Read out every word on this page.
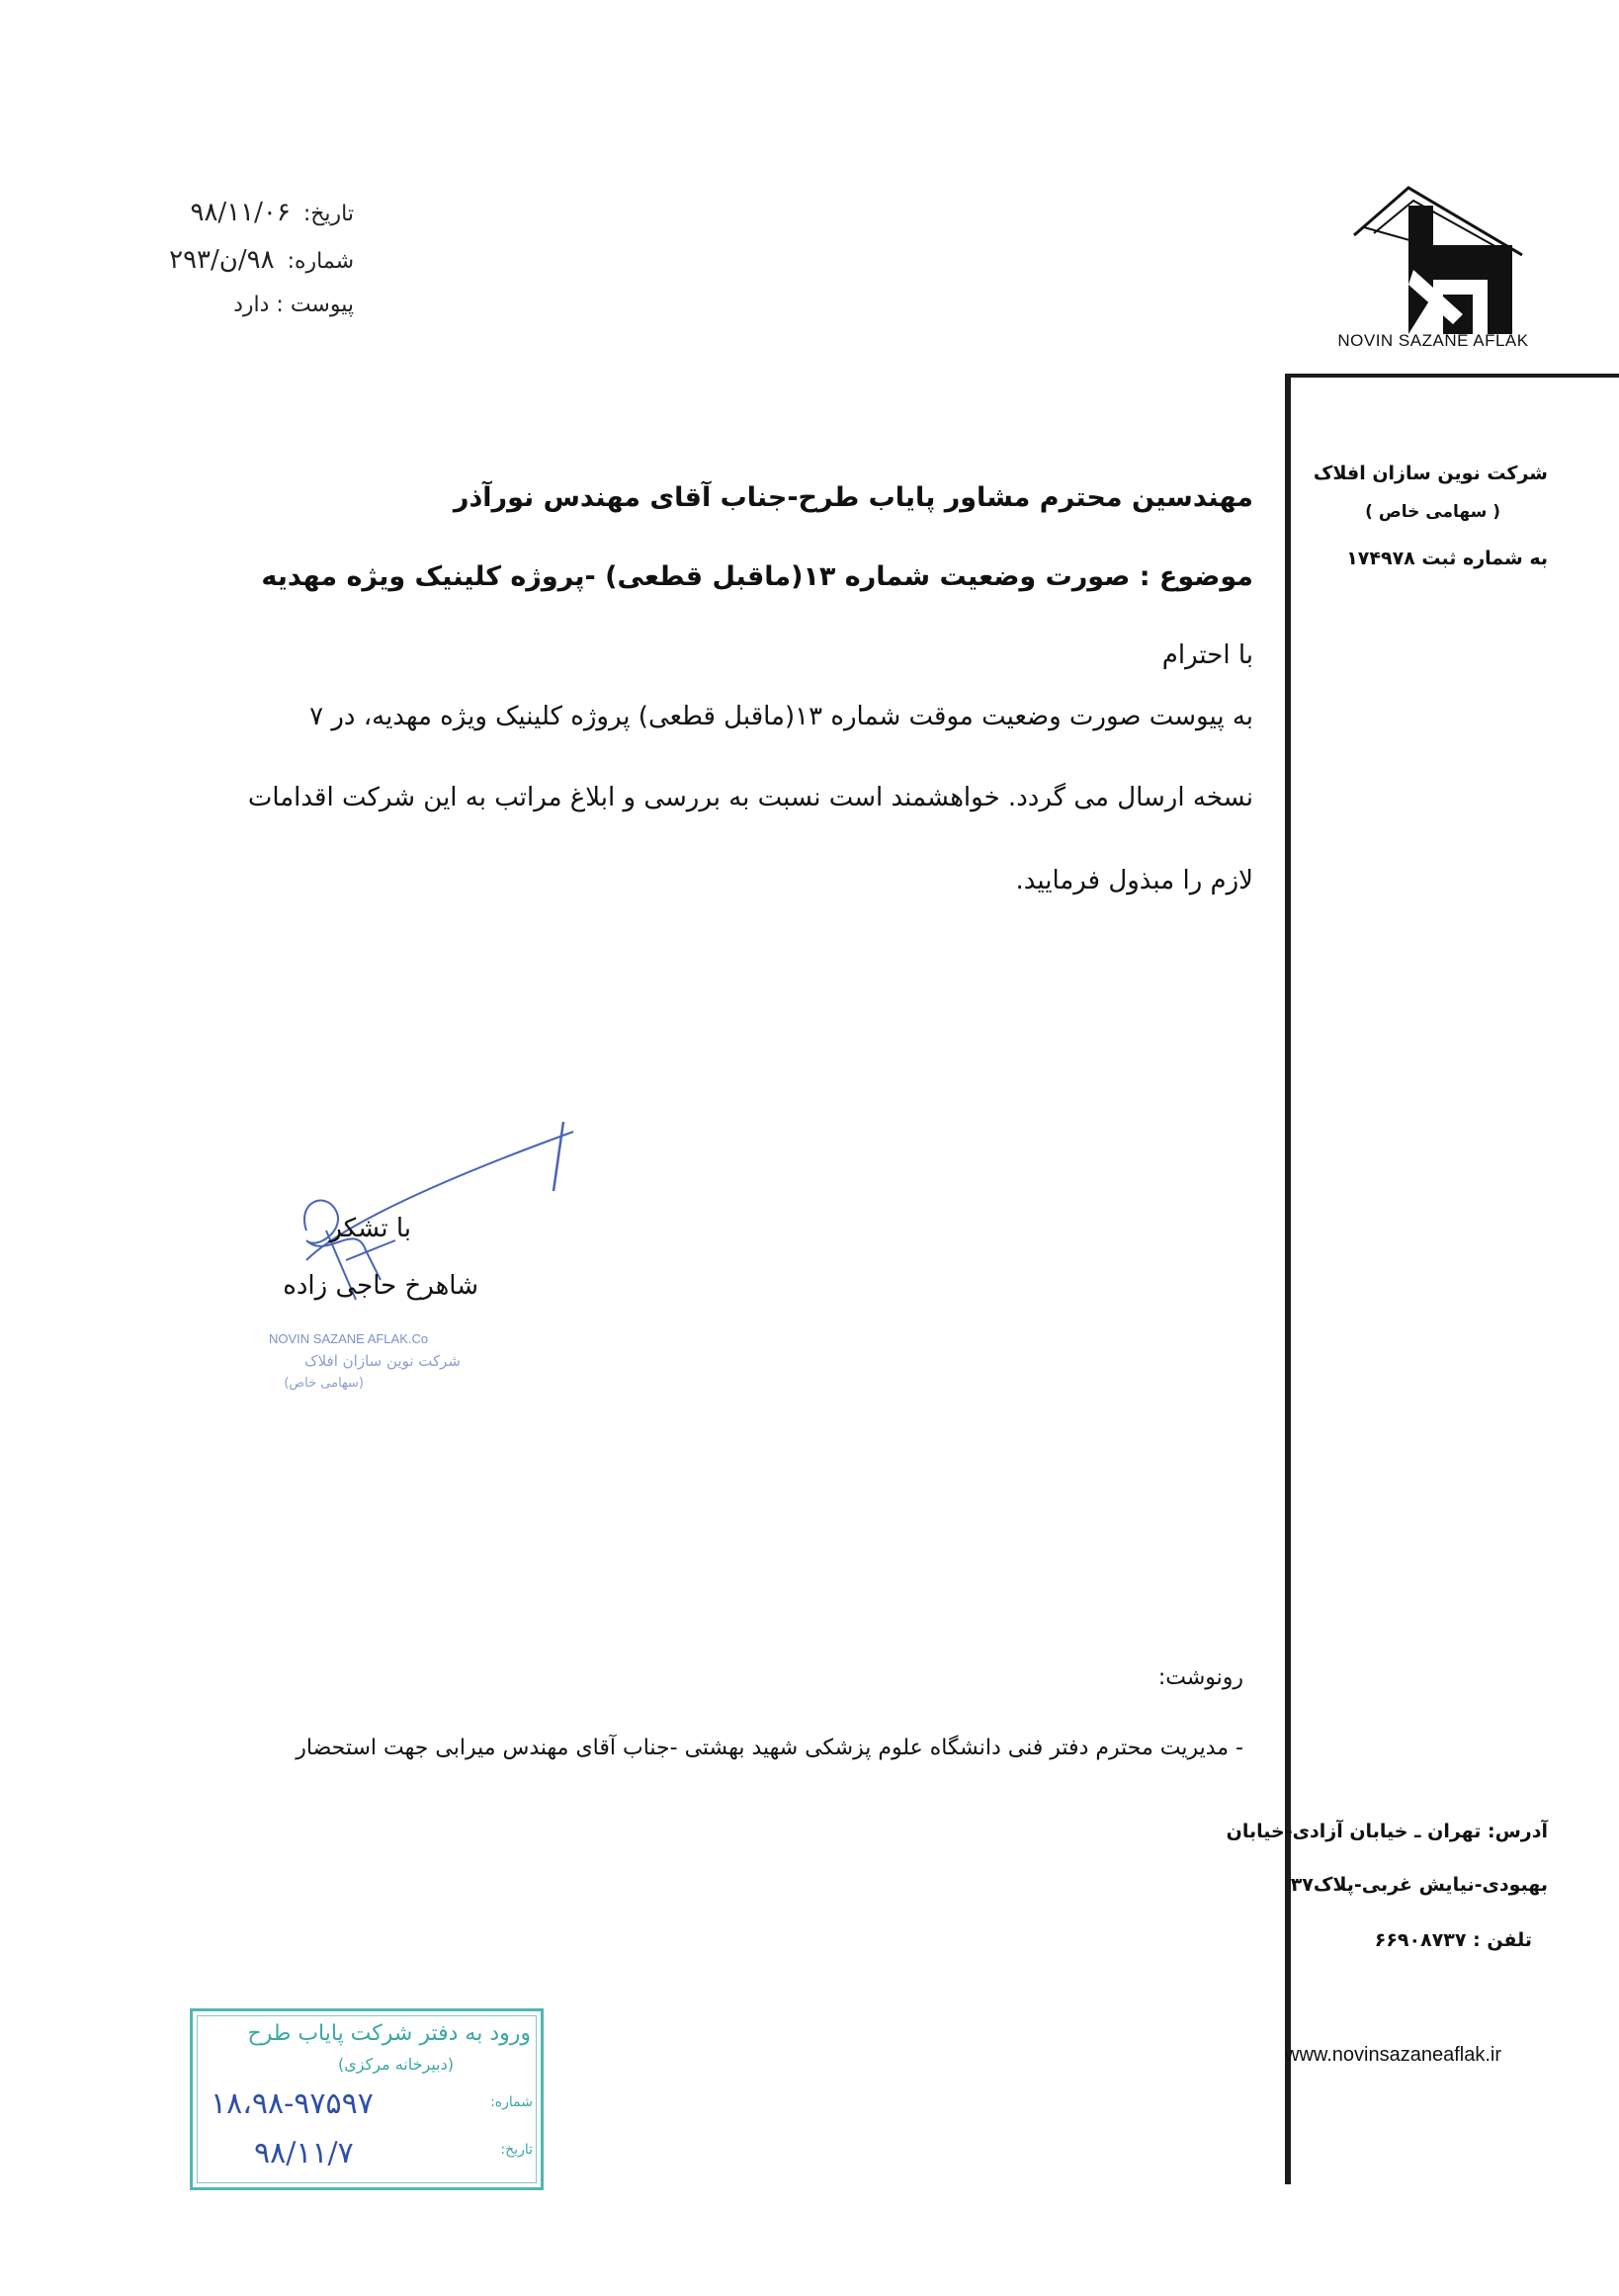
تاریخ: ۹۸/۱۱/۰۶
شماره: ۹۸/ن/۲۹۳
پیوست : دارد
NOVIN SAZANE AFLAK
شرکت نوین سازان افلاک
( سهامی خاص )
به شماره ثبت ۱۷۴۹۷۸
مهندسین محترم مشاور پایاب طرح-جناب آقای مهندس نورآذر
موضوع : صورت وضعیت شماره ۱۳(ماقبل قطعی) -پروژه کلینیک ویژه مهدیه
با احترام
به پیوست صورت وضعیت موقت شماره ۱۳(ماقبل قطعی) پروژه کلینیک ویژه مهدیه، در ۷
نسخه ارسال می گردد. خواهشمند است نسبت به بررسی و ابلاغ مراتب به این شرکت اقدامات
لازم را مبذول فرمایید.
با تشکر
شاهرخ حاجی زاده
NOVIN SAZANE AFLAK.Co
شرکت نوین سازان افلاک
(سهامی خاص)
رونوشت:
- مدیریت محترم دفتر فنی دانشگاه علوم پزشکی شهید بهشتی -جناب آقای مهندس میرابی جهت استحضار
ورود به دفتر شرکت پایاب طرح
(دبیرخانه مرکزی)
شماره:
۱۸،۹۸-۹۷۵۹۷
تاریخ:
۹۸/۱۱/۷
آدرس: تهران ـ خیابان آزادی-خیابان
بهبودی-نیایش غربی-پلاک۳۷
تلفن : ۶۶۹۰۸۷۳۷
www.novinsazaneaflak.ir
